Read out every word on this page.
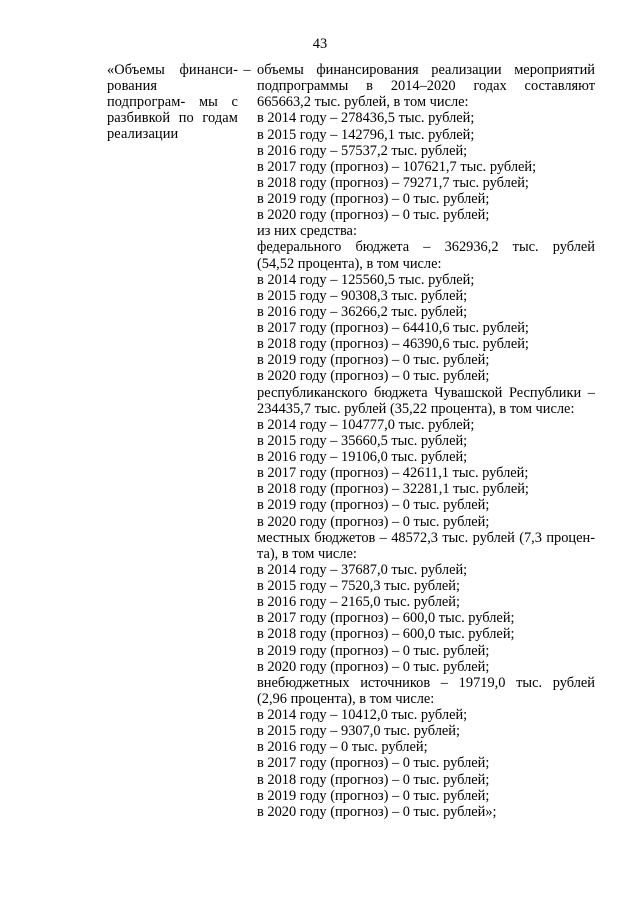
43
«Объемы финанси- рования подпрограм- мы с разбивкой по годам реализации
– объемы финансирования реализации мероприятий
подпрограммы в 2014–2020 годах составляют
665663,2 тыс. рублей, в том числе:
в 2014 году – 278436,5 тыс. рублей;
в 2015 году – 142796,1 тыс. рублей;
в 2016 году – 57537,2 тыс. рублей;
в 2017 году (прогноз) – 107621,7 тыс. рублей;
в 2018 году (прогноз) – 79271,7 тыс. рублей;
в 2019 году (прогноз) – 0 тыс. рублей;
в 2020 году (прогноз) – 0 тыс. рублей;
из них средства:
федерального бюджета – 362936,2 тыс. рублей
(54,52 процента), в том числе:
в 2014 году – 125560,5 тыс. рублей;
в 2015 году – 90308,3 тыс. рублей;
в 2016 году – 36266,2 тыс. рублей;
в 2017 году (прогноз) – 64410,6 тыс. рублей;
в 2018 году (прогноз) – 46390,6 тыс. рублей;
в 2019 году (прогноз) – 0 тыс. рублей;
в 2020 году (прогноз) – 0 тыс. рублей;
республиканского бюджета Чувашской Республики –
234435,7 тыс. рублей (35,22 процента), в том числе:
в 2014 году – 104777,0 тыс. рублей;
в 2015 году – 35660,5 тыс. рублей;
в 2016 году – 19106,0 тыс. рублей;
в 2017 году (прогноз) – 42611,1 тыс. рублей;
в 2018 году (прогноз) – 32281,1 тыс. рублей;
в 2019 году (прогноз) – 0 тыс. рублей;
в 2020 году (прогноз) – 0 тыс. рублей;
местных бюджетов – 48572,3 тыс. рублей (7,3 процен-
та), в том числе:
в 2014 году – 37687,0 тыс. рублей;
в 2015 году – 7520,3 тыс. рублей;
в 2016 году – 2165,0 тыс. рублей;
в 2017 году (прогноз) – 600,0 тыс. рублей;
в 2018 году (прогноз) – 600,0 тыс. рублей;
в 2019 году (прогноз) – 0 тыс. рублей;
в 2020 году (прогноз) – 0 тыс. рублей;
внебюджетных источников – 19719,0 тыс. рублей
(2,96 процента), в том числе:
в 2014 году – 10412,0 тыс. рублей;
в 2015 году – 9307,0 тыс. рублей;
в 2016 году – 0 тыс. рублей;
в 2017 году (прогноз) – 0 тыс. рублей;
в 2018 году (прогноз) – 0 тыс. рублей;
в 2019 году (прогноз) – 0 тыс. рублей;
в 2020 году (прогноз) – 0 тыс. рублей»;
